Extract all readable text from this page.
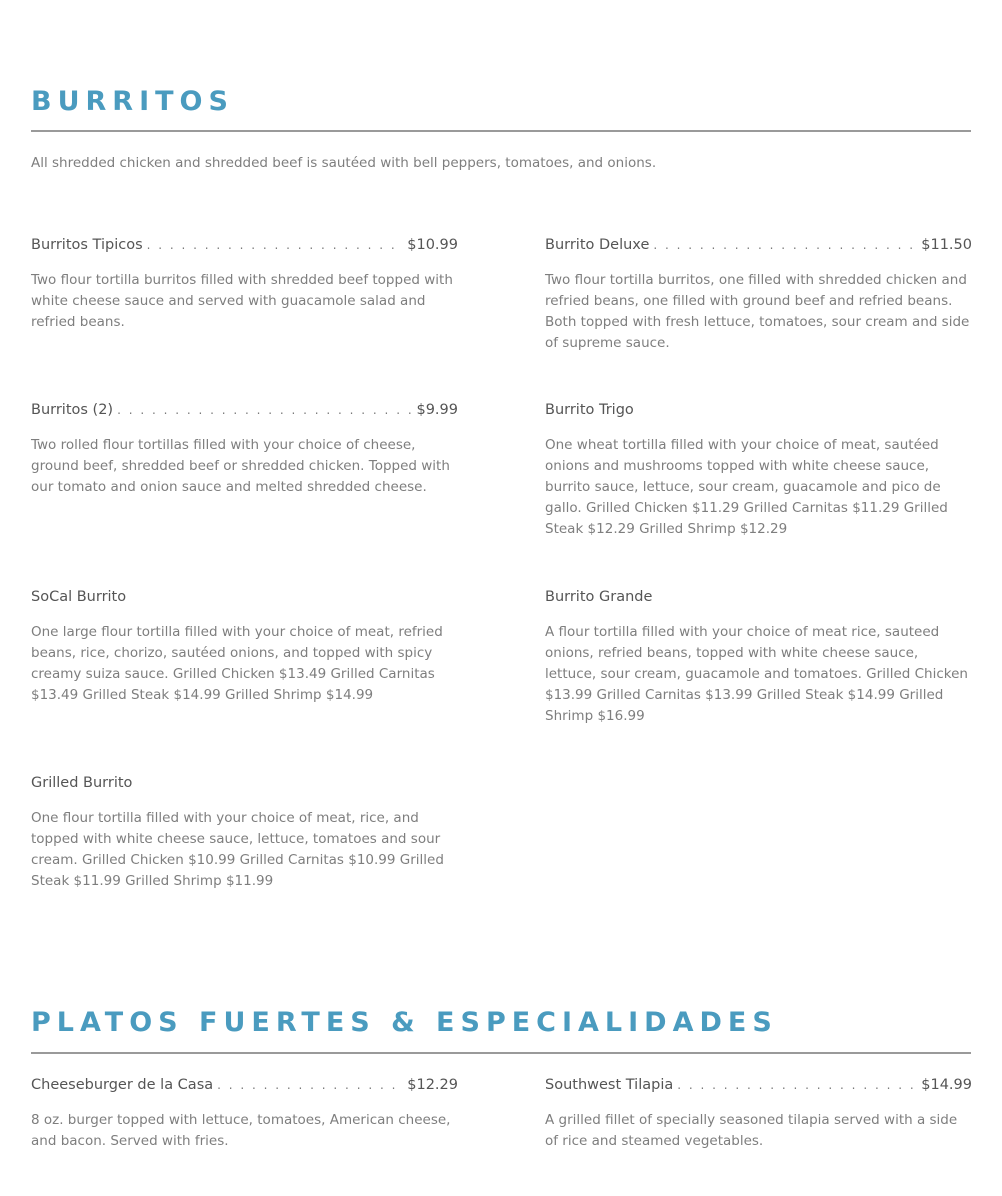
BURRITOS

All shredded chicken and shredded beef is sautéed with bell peppers, tomatoes, and onions.

Burritos Tipicos . . .	$10.99

Two flour tortilla burritos filled with shredded beef topped with white cheese sauce and served with guacamole salad and refried beans.

Burrito Deluxe . . .	$11.50

Two flour tortilla burritos, one filled with shredded chicken and refried beans, one filled with ground beef and refried beans. Both topped with fresh lettuce, tomatoes, sour cream and side of supreme sauce.

Burritos (2) . . .	$9.99

Two rolled flour tortillas filled with your choice of cheese, ground beef, shredded beef or shredded chicken. Topped with our tomato and onion sauce and melted shredded cheese.

Burrito Trigo

One wheat tortilla filled with your choice of meat, sautéed onions and mushrooms topped with white cheese sauce, burrito sauce, lettuce, sour cream, guacamole and pico de gallo. Grilled Chicken $11.29 Grilled Carnitas $11.29 Grilled Steak $12.29 Grilled Shrimp $12.29

SoCal Burrito

One large flour tortilla filled with your choice of meat, refried beans, rice, chorizo, sautéed onions, and topped with spicy creamy suiza sauce. Grilled Chicken $13.49 Grilled Carnitas $13.49 Grilled Steak $14.99 Grilled Shrimp $14.99

Burrito Grande

A flour tortilla filled with your choice of meat rice, sauteed onions, refried beans, topped with white cheese sauce, lettuce, sour cream, guacamole and tomatoes. Grilled Chicken $13.99 Grilled Carnitas $13.99 Grilled Steak $14.99 Grilled Shrimp $16.99

Grilled Burrito

One flour tortilla filled with your choice of meat, rice, and topped with white cheese sauce, lettuce, tomatoes and sour cream. Grilled Chicken $10.99 Grilled Carnitas $10.99 Grilled Steak $11.99 Grilled Shrimp $11.99

PLATOS FUERTES & ESPECIALIDADES
Cheeseburger de la Casa . . .	$12.29

8 oz. burger topped with lettuce, tomatoes, American cheese, and bacon. Served with fries.

Southwest Tilapia . . .	$14.99

A grilled fillet of specially seasoned tilapia served with a side of rice and steamed vegetables.
